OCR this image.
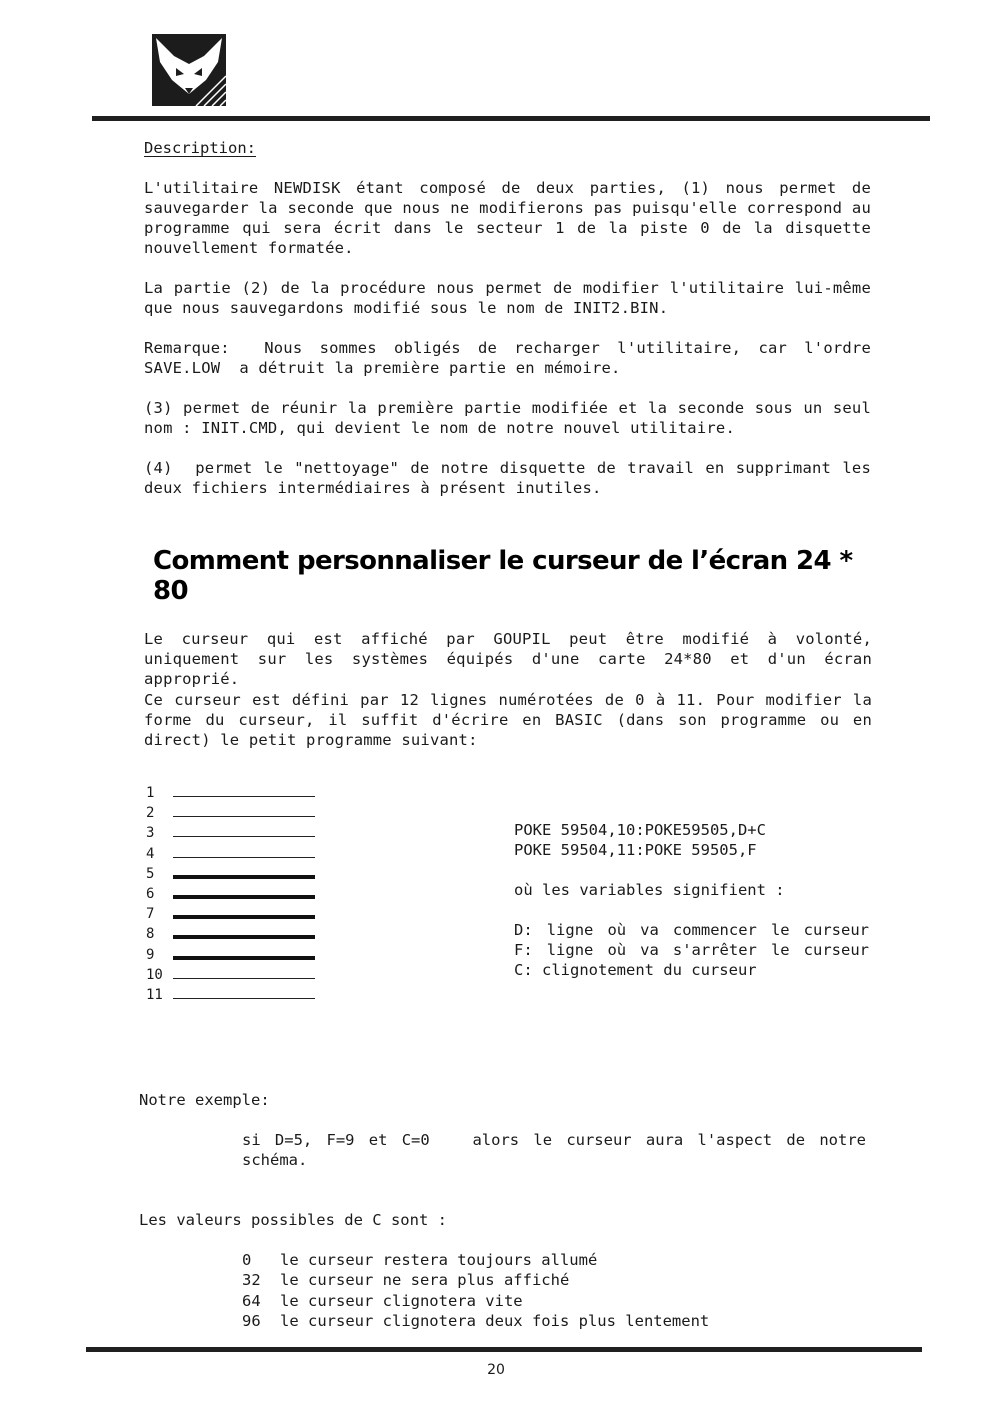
Description:
L'utilitaire NEWDISK étant composé de deux parties, (1) nous permet de sauvegarder la seconde que nous ne modifierons pas puisqu'elle correspond au programme qui sera écrit dans le secteur 1 de la piste 0 de la disquette nouvellement formatée.
La partie (2) de la procédure nous permet de modifier l'utilitaire lui-même que nous sauvegardons modifié sous le nom de INIT2.BIN.
Remarque:  Nous sommes obligés de recharger l'utilitaire, car l'ordre SAVE.LOW  a détruit la première partie en mémoire.
(3) permet de réunir la première partie modifiée et la seconde sous un seul nom : INIT.CMD, qui devient le nom de notre nouvel utilitaire.
(4)  permet le "nettoyage" de notre disquette de travail en supprimant les deux fichiers intermédiaires à présent inutiles.
Comment personnaliser le curseur de l’écran 24 * 80
Le curseur qui est affiché par GOUPIL peut être modifié à volonté, uniquement sur les systèmes équipés d'une carte 24*80 et d'un écran approprié.
Ce curseur est défini par 12 lignes numérotées de 0 à 11. Pour modifier la forme du curseur, il suffit d'écrire en BASIC (dans son programme ou en direct) le petit programme suivant:
1
2
3
4
5
6
7
8
9
10
11
POKE 59504,10:POKE59505,D+C
POKE 59504,11:POKE 59505,F
où les variables signifient :
D: ligne où va commencer le curseur
F: ligne où va s'arrêter le curseur
C: clignotement du curseur
Notre exemple:
si D=5, F=9 et C=0   alors le curseur aura l'aspect de notre schéma.
Les valeurs possibles de C sont :
0	le curseur restera toujours allumé
32	le curseur ne sera plus affiché
64	le curseur clignotera vite
96	le curseur clignotera deux fois plus lentement
20
